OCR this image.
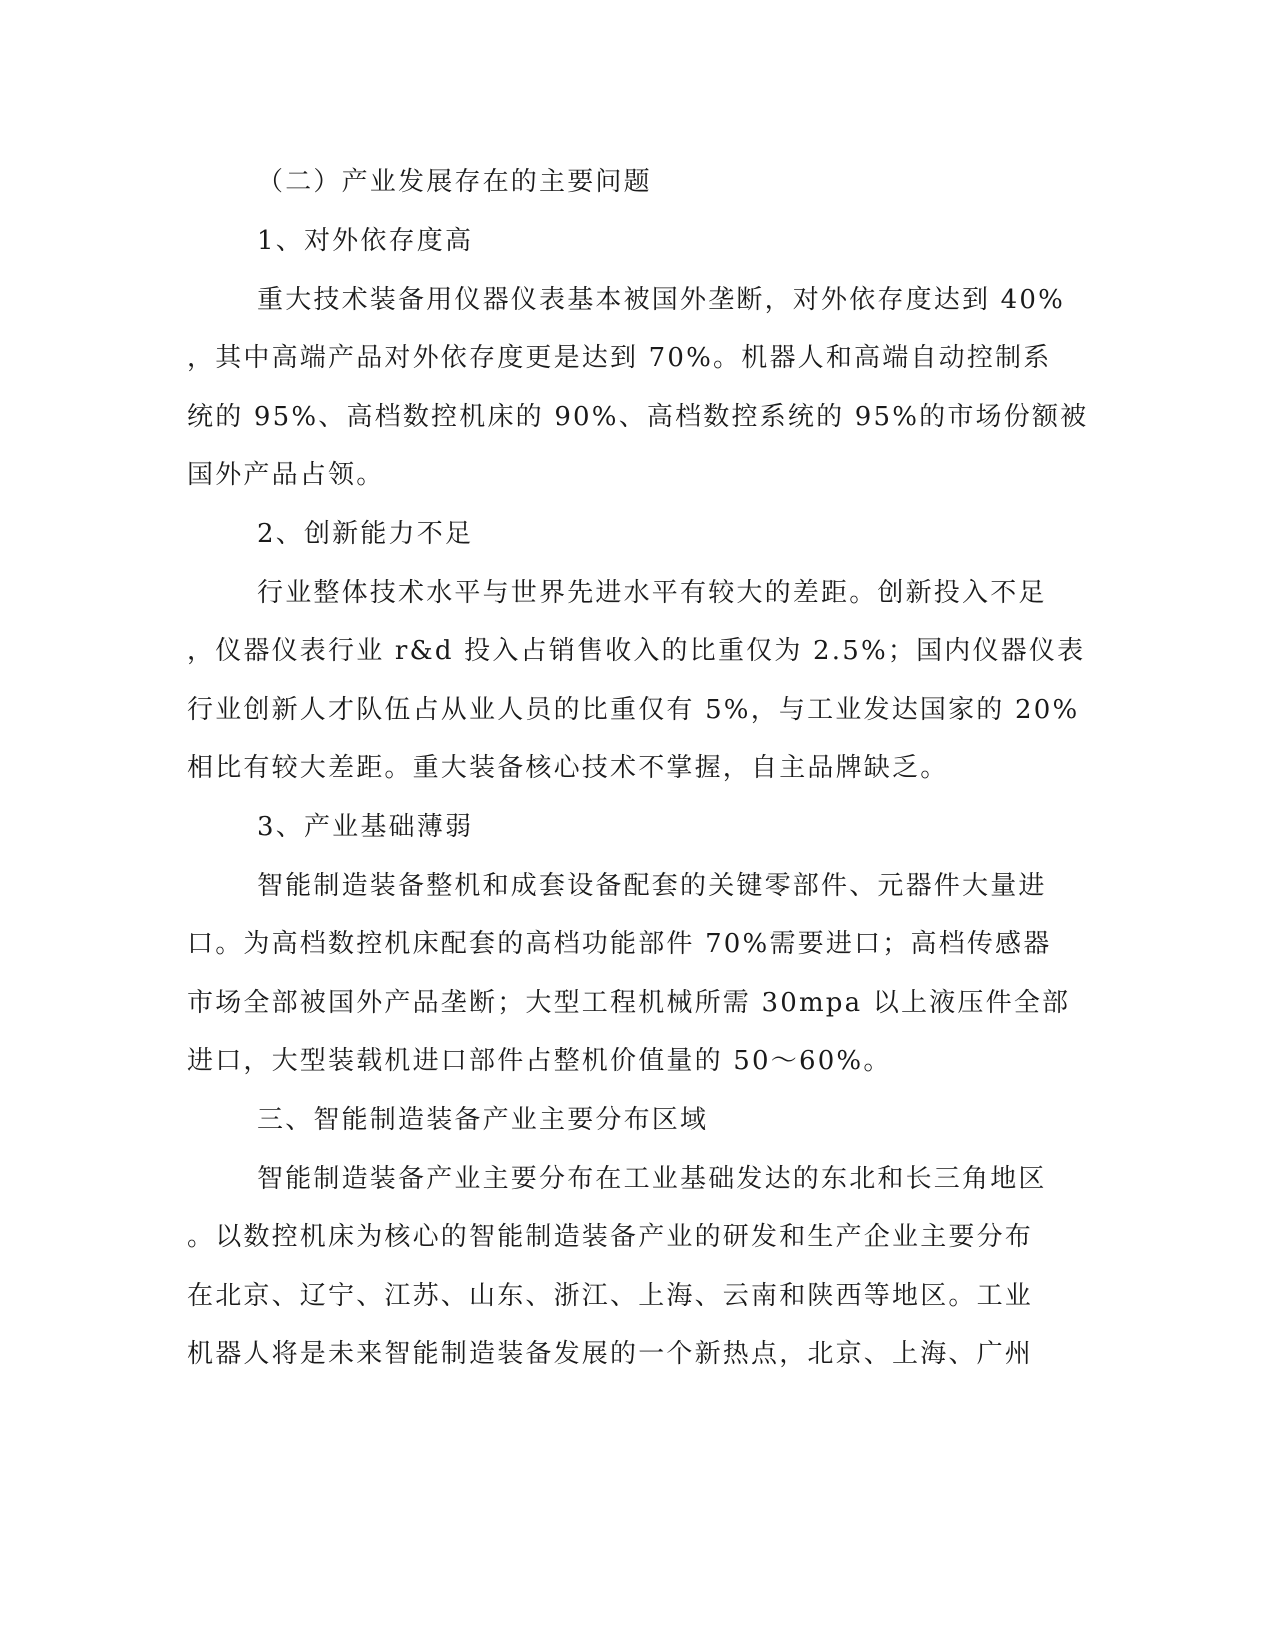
（二）产业发展存在的主要问题
1、对外依存度高
重大技术装备用仪器仪表基本被国外垄断，对外依存度达到 40%
，其中高端产品对外依存度更是达到 70%。机器人和高端自动控制系
统的 95%、高档数控机床的 90%、高档数控系统的 95%的市场份额被
国外产品占领。
2、创新能力不足
行业整体技术水平与世界先进水平有较大的差距。创新投入不足
，仪器仪表行业 r&d 投入占销售收入的比重仅为 2.5%；国内仪器仪表
行业创新人才队伍占从业人员的比重仅有 5%，与工业发达国家的 20%
相比有较大差距。重大装备核心技术不掌握，自主品牌缺乏。
3、产业基础薄弱
智能制造装备整机和成套设备配套的关键零部件、元器件大量进
口。为高档数控机床配套的高档功能部件 70%需要进口；高档传感器
市场全部被国外产品垄断；大型工程机械所需 30mpa 以上液压件全部
进口，大型装载机进口部件占整机价值量的 50～60%。
三、智能制造装备产业主要分布区域
智能制造装备产业主要分布在工业基础发达的东北和长三角地区
。以数控机床为核心的智能制造装备产业的研发和生产企业主要分布
在北京、辽宁、江苏、山东、浙江、上海、云南和陕西等地区。工业
机器人将是未来智能制造装备发展的一个新热点，北京、上海、广州
